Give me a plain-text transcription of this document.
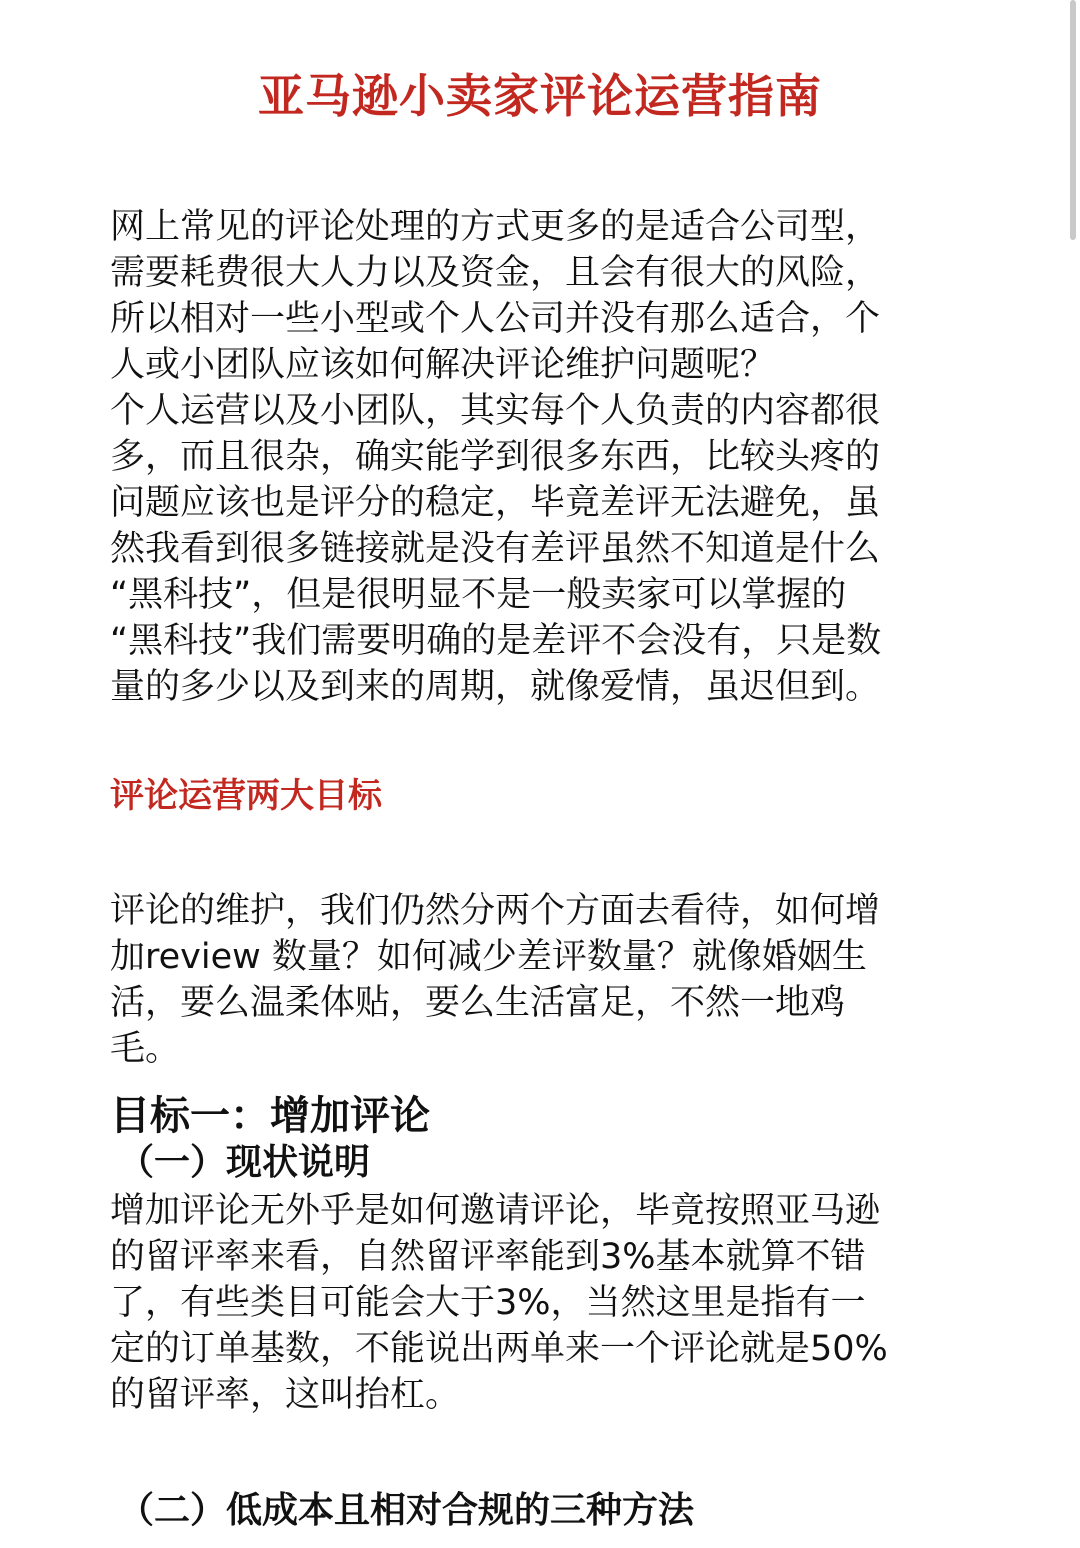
亚马逊小卖家评论运营指南
网上常见的评论处理的方式更多的是适合公司型，
需要耗费很大人力以及资金，且会有很大的风险，
所以相对一些小型或个人公司并没有那么适合，个
人或小团队应该如何解决评论维护问题呢？
个人运营以及小团队，其实每个人负责的内容都很
多，而且很杂，确实能学到很多东西，比较头疼的
问题应该也是评分的稳定，毕竟差评无法避免，虽
然我看到很多链接就是没有差评虽然不知道是什么
“黑科技”，但是很明显不是一般卖家可以掌握的
“黑科技”我们需要明确的是差评不会没有，只是数
量的多少以及到来的周期，就像爱情，虽迟但到。
评论运营两大目标
评论的维护，我们仍然分两个方面去看待，如何增
加review 数量？如何减少差评数量？就像婚姻生
活，要么温柔体贴，要么生活富足，不然一地鸡
毛。
目标一：增加评论
（一）现状说明
增加评论无外乎是如何邀请评论，毕竟按照亚马逊
的留评率来看，自然留评率能到3%基本就算不错
了，有些类目可能会大于3%，当然这里是指有一
定的订单基数，不能说出两单来一个评论就是50%
的留评率，这叫抬杠。
（二）低成本且相对合规的三种方法
